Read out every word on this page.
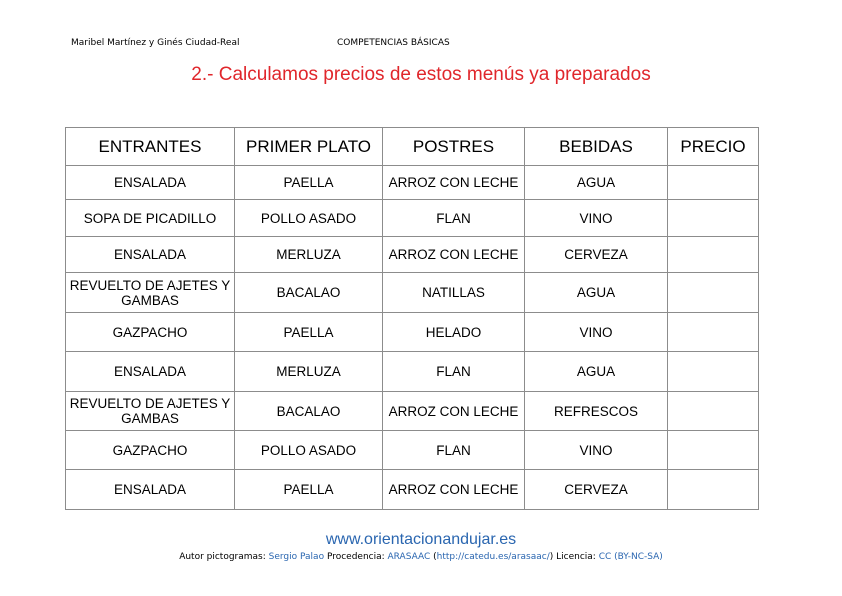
Maribel Martínez y Ginés Ciudad-Real	COMPETENCIAS BÁSICAS
2.- Calculamos precios de estos menús ya preparados
ENTRANTES	PRIMER PLATO	POSTRES	BEBIDAS	PRECIO
ENSALADA	PAELLA	ARROZ CON LECHE	AGUA	
SOPA DE PICADILLO	POLLO ASADO	FLAN	VINO	
ENSALADA	MERLUZA	ARROZ CON LECHE	CERVEZA	
REVUELTO DE AJETES Y GAMBAS	BACALAO	NATILLAS	AGUA	
GAZPACHO	PAELLA	HELADO	VINO	
ENSALADA	MERLUZA	FLAN	AGUA	
REVUELTO DE AJETES Y GAMBAS	BACALAO	ARROZ CON LECHE	REFRESCOS	
GAZPACHO	POLLO ASADO	FLAN	VINO	
ENSALADA	PAELLA	ARROZ CON LECHE	CERVEZA	
www.orientacionandujar.es
Autor pictogramas: Sergio Palao Procedencia: ARASAAC (http://catedu.es/arasaac/) Licencia: CC (BY-NC-SA)
